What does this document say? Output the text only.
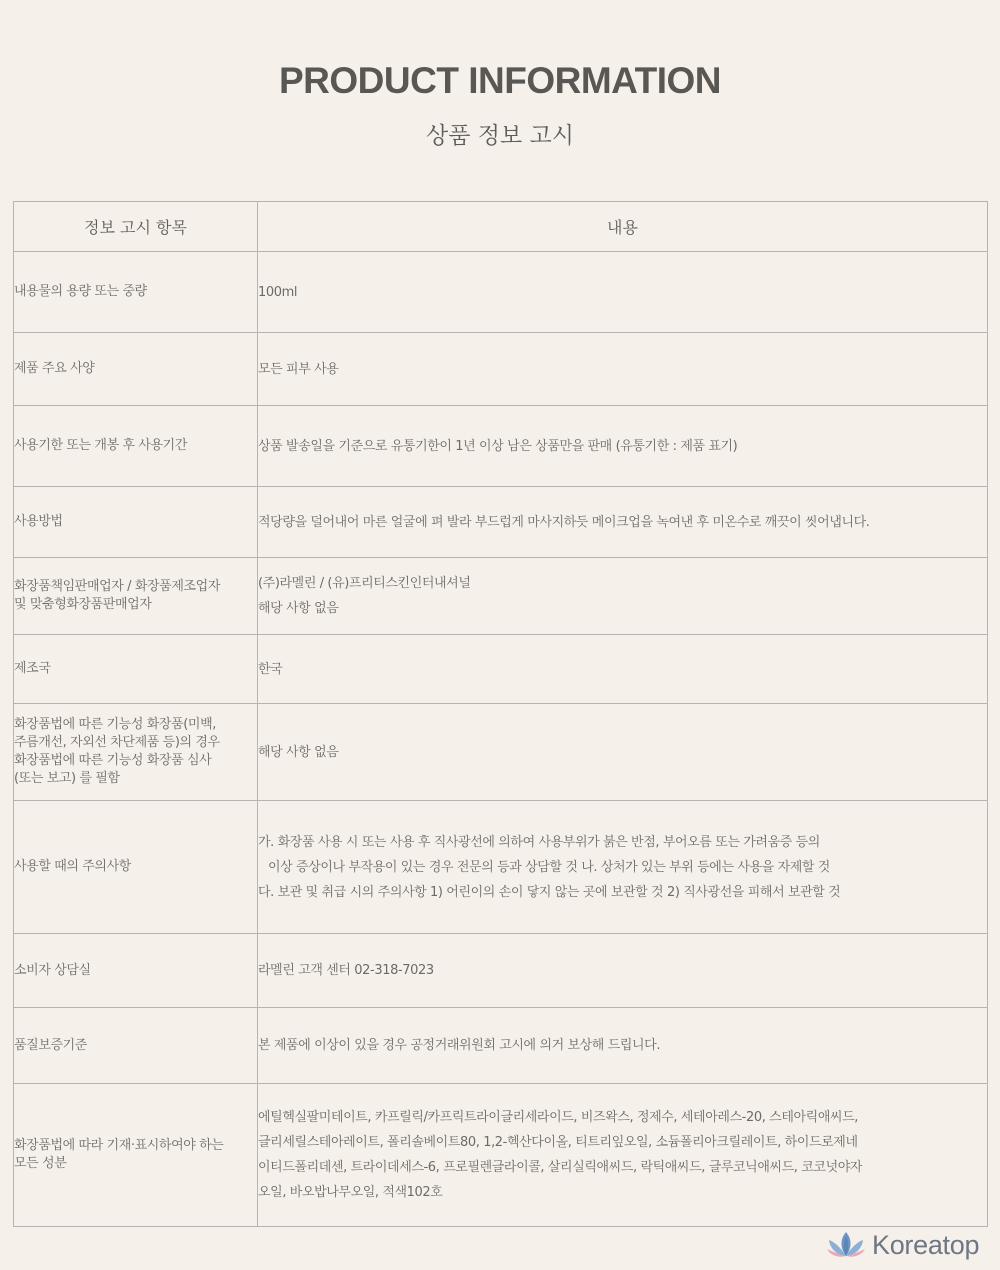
PRODUCT INFORMATION
상품 정보 고시
정보 고시 항목	내용

내용물의 용량 또는 중량	100ml

제품 주요 사양	모든 피부 사용

사용기한 또는 개봉 후 사용기간	상품 발송일을 기준으로 유통기한이 1년 이상 남은 상품만을 판매 (유통기한 : 제품 표기)

사용방법	적당량을 덜어내어 마른 얼굴에 펴 발라 부드럽게 마사지하듯 메이크업을 녹여낸 후 미온수로 깨끗이 씻어냅니다.

화장품책임판매업자 / 화장품제조업자
및 맞춤형화장품판매업자	(주)라멜린 / (유)프리티스킨인터내셔널
해당 사항 없음

제조국	한국

화장품법에 따른 기능성 화장품(미백,
주름개선, 자외선 차단제품 등)의 경우
화장품법에 따른 기능성 화장품 심사
(또는 보고) 를 필함	해당 사항 없음

사용할 때의 주의사항	가. 화장품 사용 시 또는 사용 후 직사광선에 의하여 사용부위가 붉은 반점, 부어오름 또는 가려움증 등의
이상 증상이나 부작용이 있는 경우 전문의 등과 상담할 것 나. 상처가 있는 부위 등에는 사용을 자제할 것
다. 보관 및 취급 시의 주의사항 1) 어린이의 손이 닿지 않는 곳에 보관할 것 2) 직사광선을 피해서 보관할 것

소비자 상담실	라멜린 고객 센터 02-318-7023

품질보증기준	본 제품에 이상이 있을 경우 공정거래위원회 고시에 의거 보상해 드립니다.

화장품법에 따라 기재·표시하여야 하는
모든 성분	에틸헥실팔미테이트, 카프릴릭/카프릭트라이글리세라이드, 비즈왁스, 정제수, 세테아레스-20, 스테아릭애씨드,
글리세릴스테아레이트, 폴리솔베이트80, 1,2-헥산다이올, 티트리잎오일, 소듐폴리아크릴레이트, 하이드로제네
이티드폴리데센, 트라이데세스-6, 프로필렌글라이콜, 살리실릭애씨드, 락틱애씨드, 글루코닉애씨드, 코코넛야자
오일, 바오밥나무오일, 적색102호
Koreatop
